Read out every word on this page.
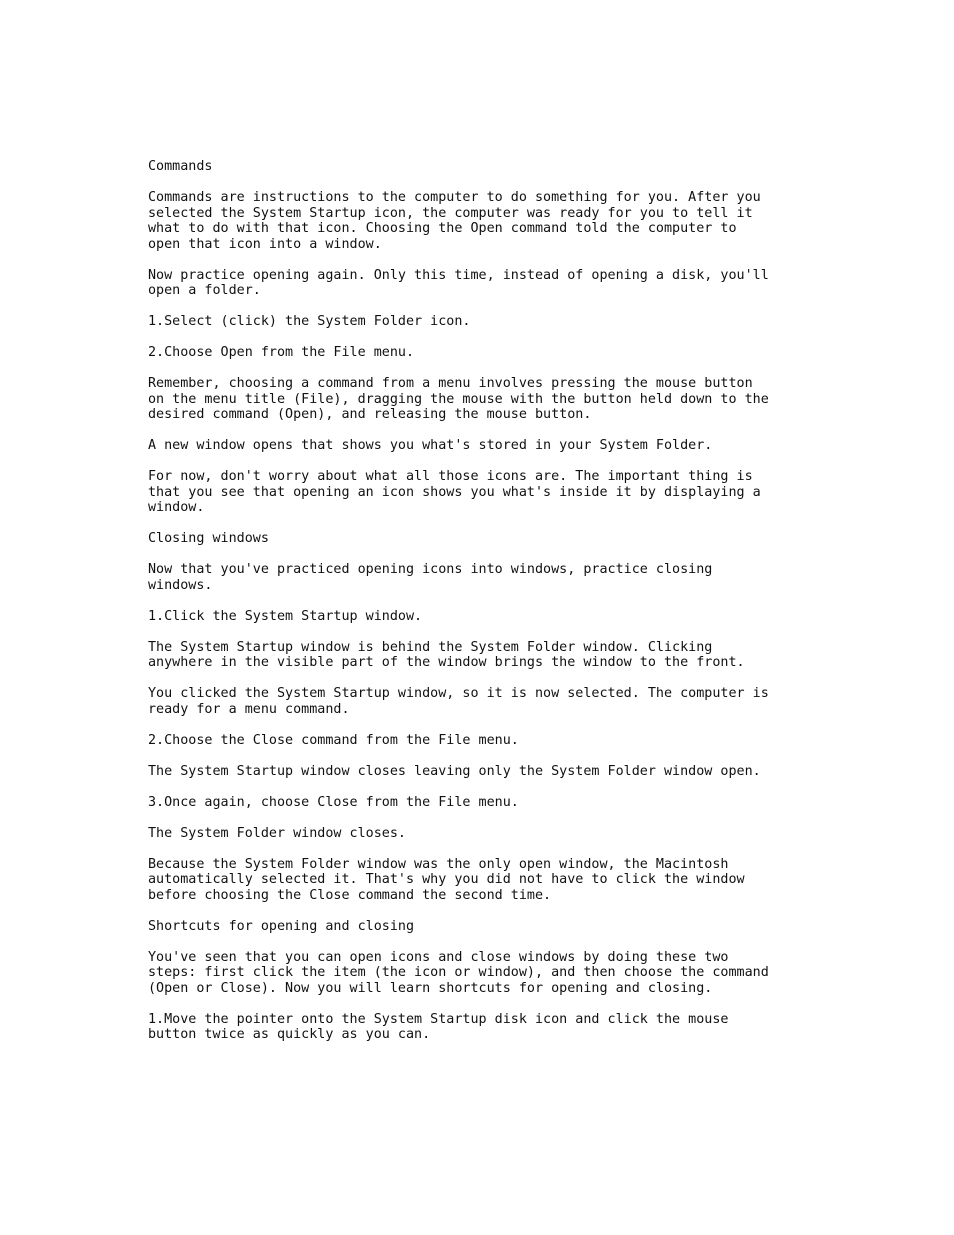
Commands
Commands are instructions to the computer to do something for you. After you
selected the System Startup icon, the computer was ready for you to tell it
what to do with that icon. Choosing the Open command told the computer to
open that icon into a window.
Now practice opening again. Only this time, instead of opening a disk, you'll
open a folder.
1.Select (click) the System Folder icon.
2.Choose Open from the File menu.
Remember, choosing a command from a menu involves pressing the mouse button
on the menu title (File), dragging the mouse with the button held down to the
desired command (Open), and releasing the mouse button.
A new window opens that shows you what's stored in your System Folder.
For now, don't worry about what all those icons are. The important thing is
that you see that opening an icon shows you what's inside it by displaying a
window.
Closing windows
Now that you've practiced opening icons into windows, practice closing
windows.
1.Click the System Startup window.
The System Startup window is behind the System Folder window. Clicking
anywhere in the visible part of the window brings the window to the front.
You clicked the System Startup window, so it is now selected. The computer is
ready for a menu command.
2.Choose the Close command from the File menu.
The System Startup window closes leaving only the System Folder window open.
3.Once again, choose Close from the File menu.
The System Folder window closes.
Because the System Folder window was the only open window, the Macintosh
automatically selected it. That's why you did not have to click the window
before choosing the Close command the second time.
Shortcuts for opening and closing
You've seen that you can open icons and close windows by doing these two
steps: first click the item (the icon or window), and then choose the command
(Open or Close). Now you will learn shortcuts for opening and closing.
1.Move the pointer onto the System Startup disk icon and click the mouse
button twice as quickly as you can.
